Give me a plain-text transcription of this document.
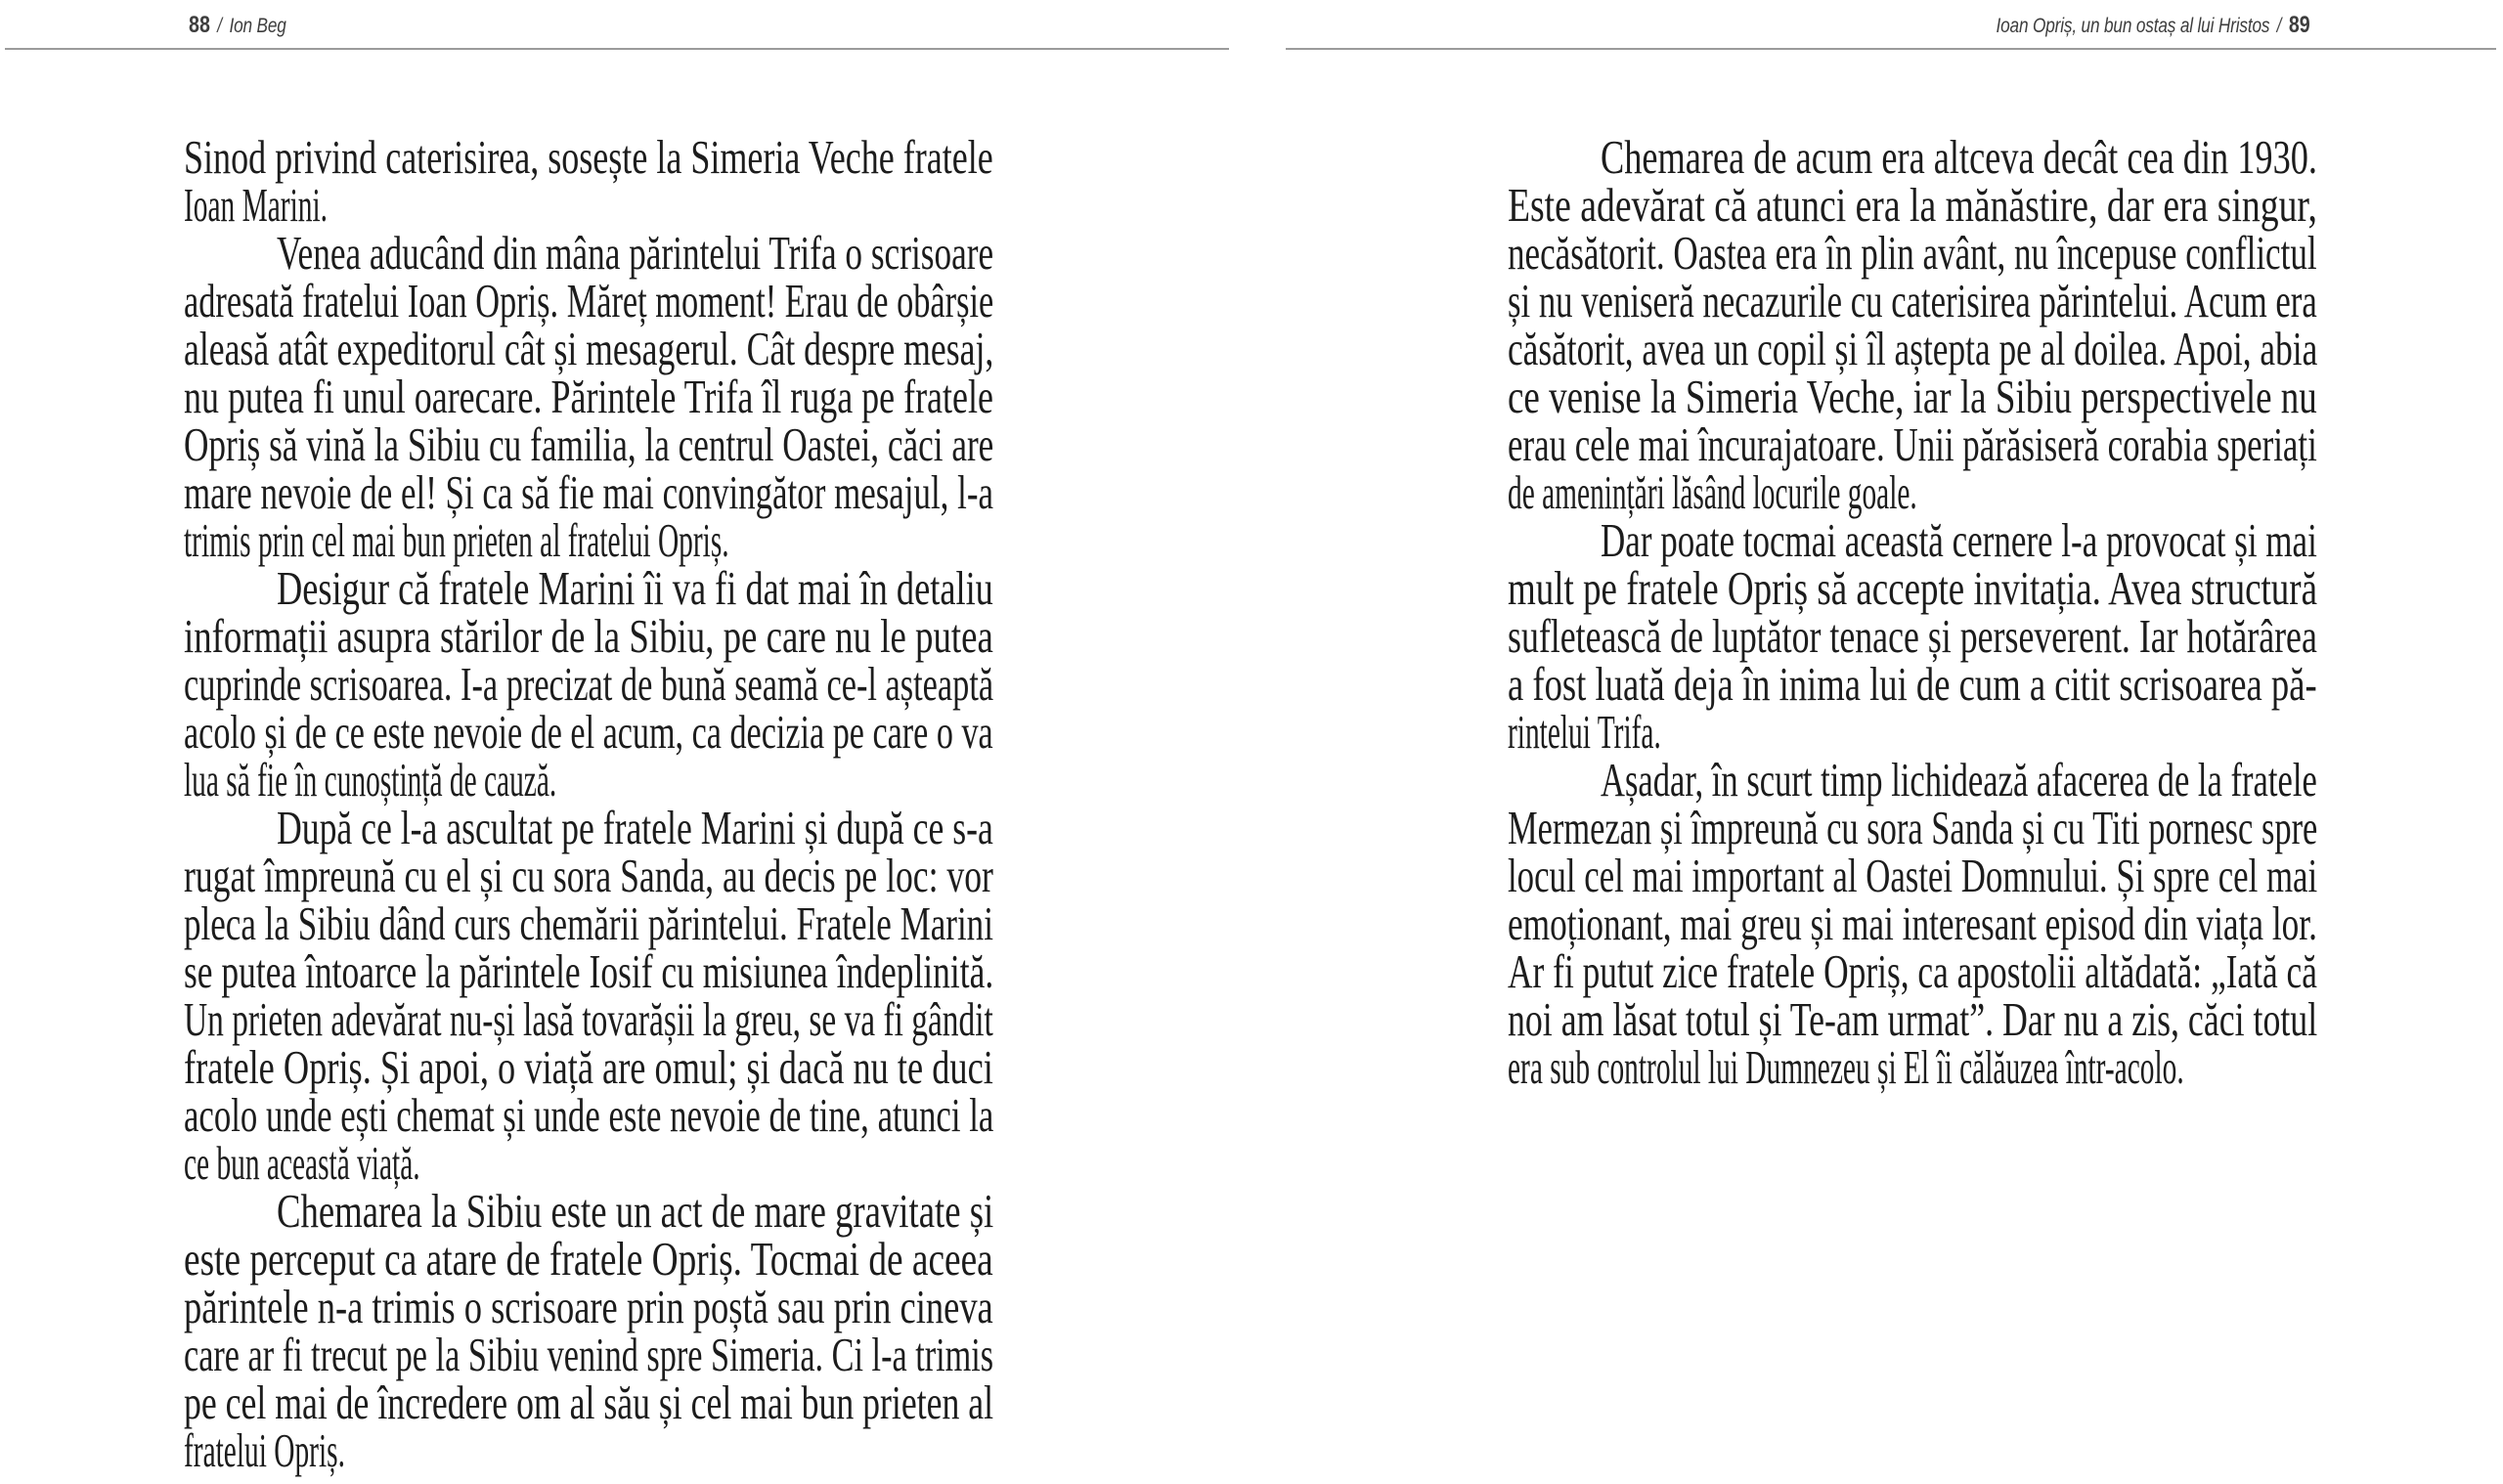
88 / Ion Beg	Ioan Opriș, un bun ostaș al lui Hristos / 89
Sinod privind caterisirea, sosește la Simeria Veche fratele
Ioan Marini.
Venea aducând din mâna părintelui Trifa o scrisoare
adresată fratelui Ioan Opriș. Măreț moment! Erau de obârșie
aleasă atât expeditorul cât și mesagerul. Cât despre mesaj,
nu putea fi unul oarecare. Părintele Trifa îl ruga pe fratele
Opriș să vină la Sibiu cu familia, la centrul Oastei, căci are
mare nevoie de el! Și ca să fie mai convingător mesajul, l-a
trimis prin cel mai bun prieten al fratelui Opriș.
Desigur că fratele Marini îi va fi dat mai în detaliu
informații asupra stărilor de la Sibiu, pe care nu le putea
cuprinde scrisoarea. I-a precizat de bună seamă ce-l așteaptă
acolo și de ce este nevoie de el acum, ca decizia pe care o va
lua să fie în cunoștință de cauză.
După ce l-a ascultat pe fratele Marini și după ce s-a
rugat împreună cu el și cu sora Sanda, au decis pe loc: vor
pleca la Sibiu dând curs chemării părintelui. Fratele Marini
se putea întoarce la părintele Iosif cu misiunea îndeplinită.
Un prieten adevărat nu-și lasă tovarășii la greu, se va fi gândit
fratele Opriș. Și apoi, o viață are omul; și dacă nu te duci
acolo unde ești chemat și unde este nevoie de tine, atunci la
ce bun această viață.
Chemarea la Sibiu este un act de mare gravitate și
este perceput ca atare de fratele Opriș. Tocmai de aceea
părintele n-a trimis o scrisoare prin poștă sau prin cineva
care ar fi trecut pe la Sibiu venind spre Simeria. Ci l-a trimis
pe cel mai de încredere om al său și cel mai bun prieten al
fratelui Opriș.
Chemarea de acum era altceva decât cea din 1930.
Este adevărat că atunci era la mănăstire, dar era singur,
necăsătorit. Oastea era în plin avânt, nu începuse conflictul
și nu veniseră necazurile cu caterisirea părintelui. Acum era
căsătorit, avea un copil și îl aștepta pe al doilea. Apoi, abia
ce venise la Simeria Veche, iar la Sibiu perspectivele nu
erau cele mai încurajatoare. Unii părăsiseră corabia speriați
de amenințări lăsând locurile goale.
Dar poate tocmai această cernere l-a provocat și mai
mult pe fratele Opriș să accepte invitația. Avea structură
sufletească de luptător tenace și perseverent. Iar hotărârea
a fost luată deja în inima lui de cum a citit scrisoarea pă-
rintelui Trifa.
Așadar, în scurt timp lichidează afacerea de la fratele
Mermezan și împreună cu sora Sanda și cu Titi pornesc spre
locul cel mai important al Oastei Domnului. Și spre cel mai
emoționant, mai greu și mai interesant episod din viața lor.
Ar fi putut zice fratele Opriș, ca apostolii altădată: „Iată că
noi am lăsat totul și Te-am urmat”. Dar nu a zis, căci totul
era sub controlul lui Dumnezeu și El îi călăuzea într-acolo.
